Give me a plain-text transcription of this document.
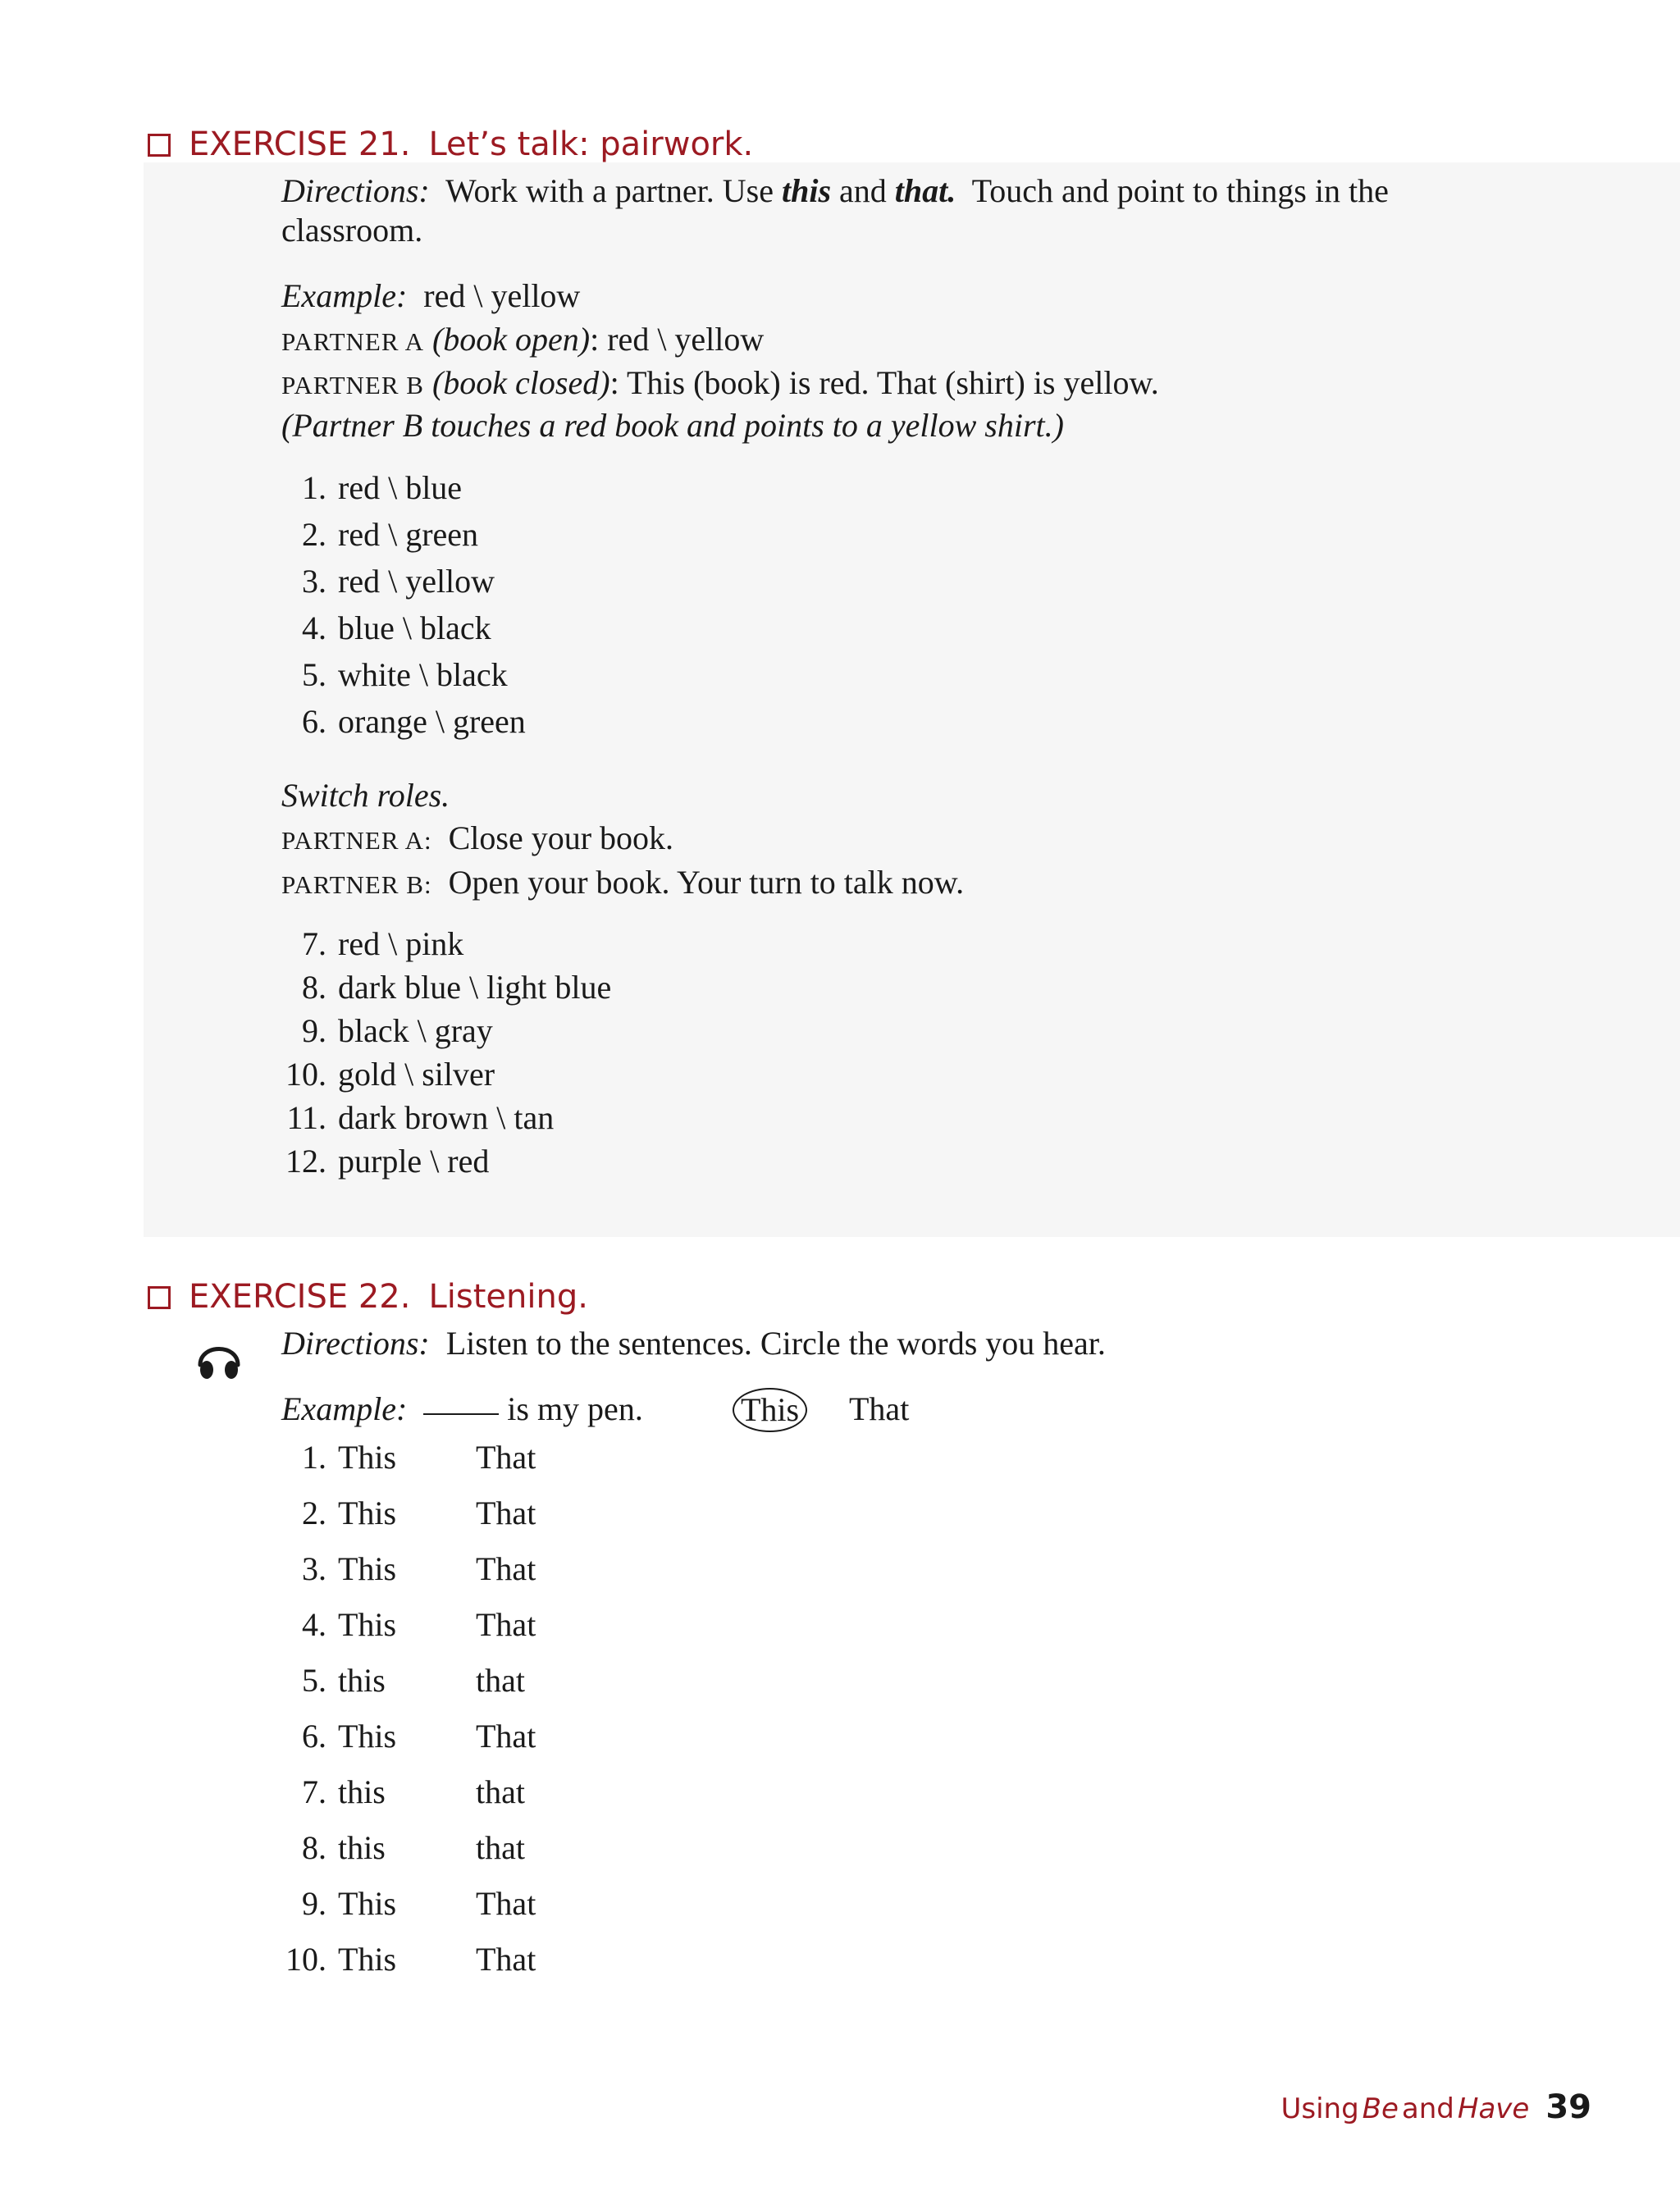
EXERCISE 21. Let’s talk: pairwork.
Directions: Work with a partner. Use this and that. Touch and point to things in the
classroom.
Example: red \ yellow
PARTNER A (book open): red \ yellow
PARTNER B (book closed): This (book) is red. That (shirt) is yellow.
(Partner B touches a red book and points to a yellow shirt.)
1. red \ blue
2. red \ green
3. red \ yellow
4. blue \ black
5. white \ black
6. orange \ green
Switch roles.
PARTNER A: Close your book.
PARTNER B: Open your book. Your turn to talk now.
7. red \ pink
8. dark blue \ light blue
9. black \ gray
10. gold \ silver
11. dark brown \ tan
12. purple \ red
EXERCISE 22. Listening.
Directions: Listen to the sentences. Circle the words you hear.
Example:	is my pen.	This That
1. This That
2. This That
3. This That
4. This That
5. this	that
6. This That
7. this	that
8. this	that
9. This That
10. This That
Using Be and Have 39
